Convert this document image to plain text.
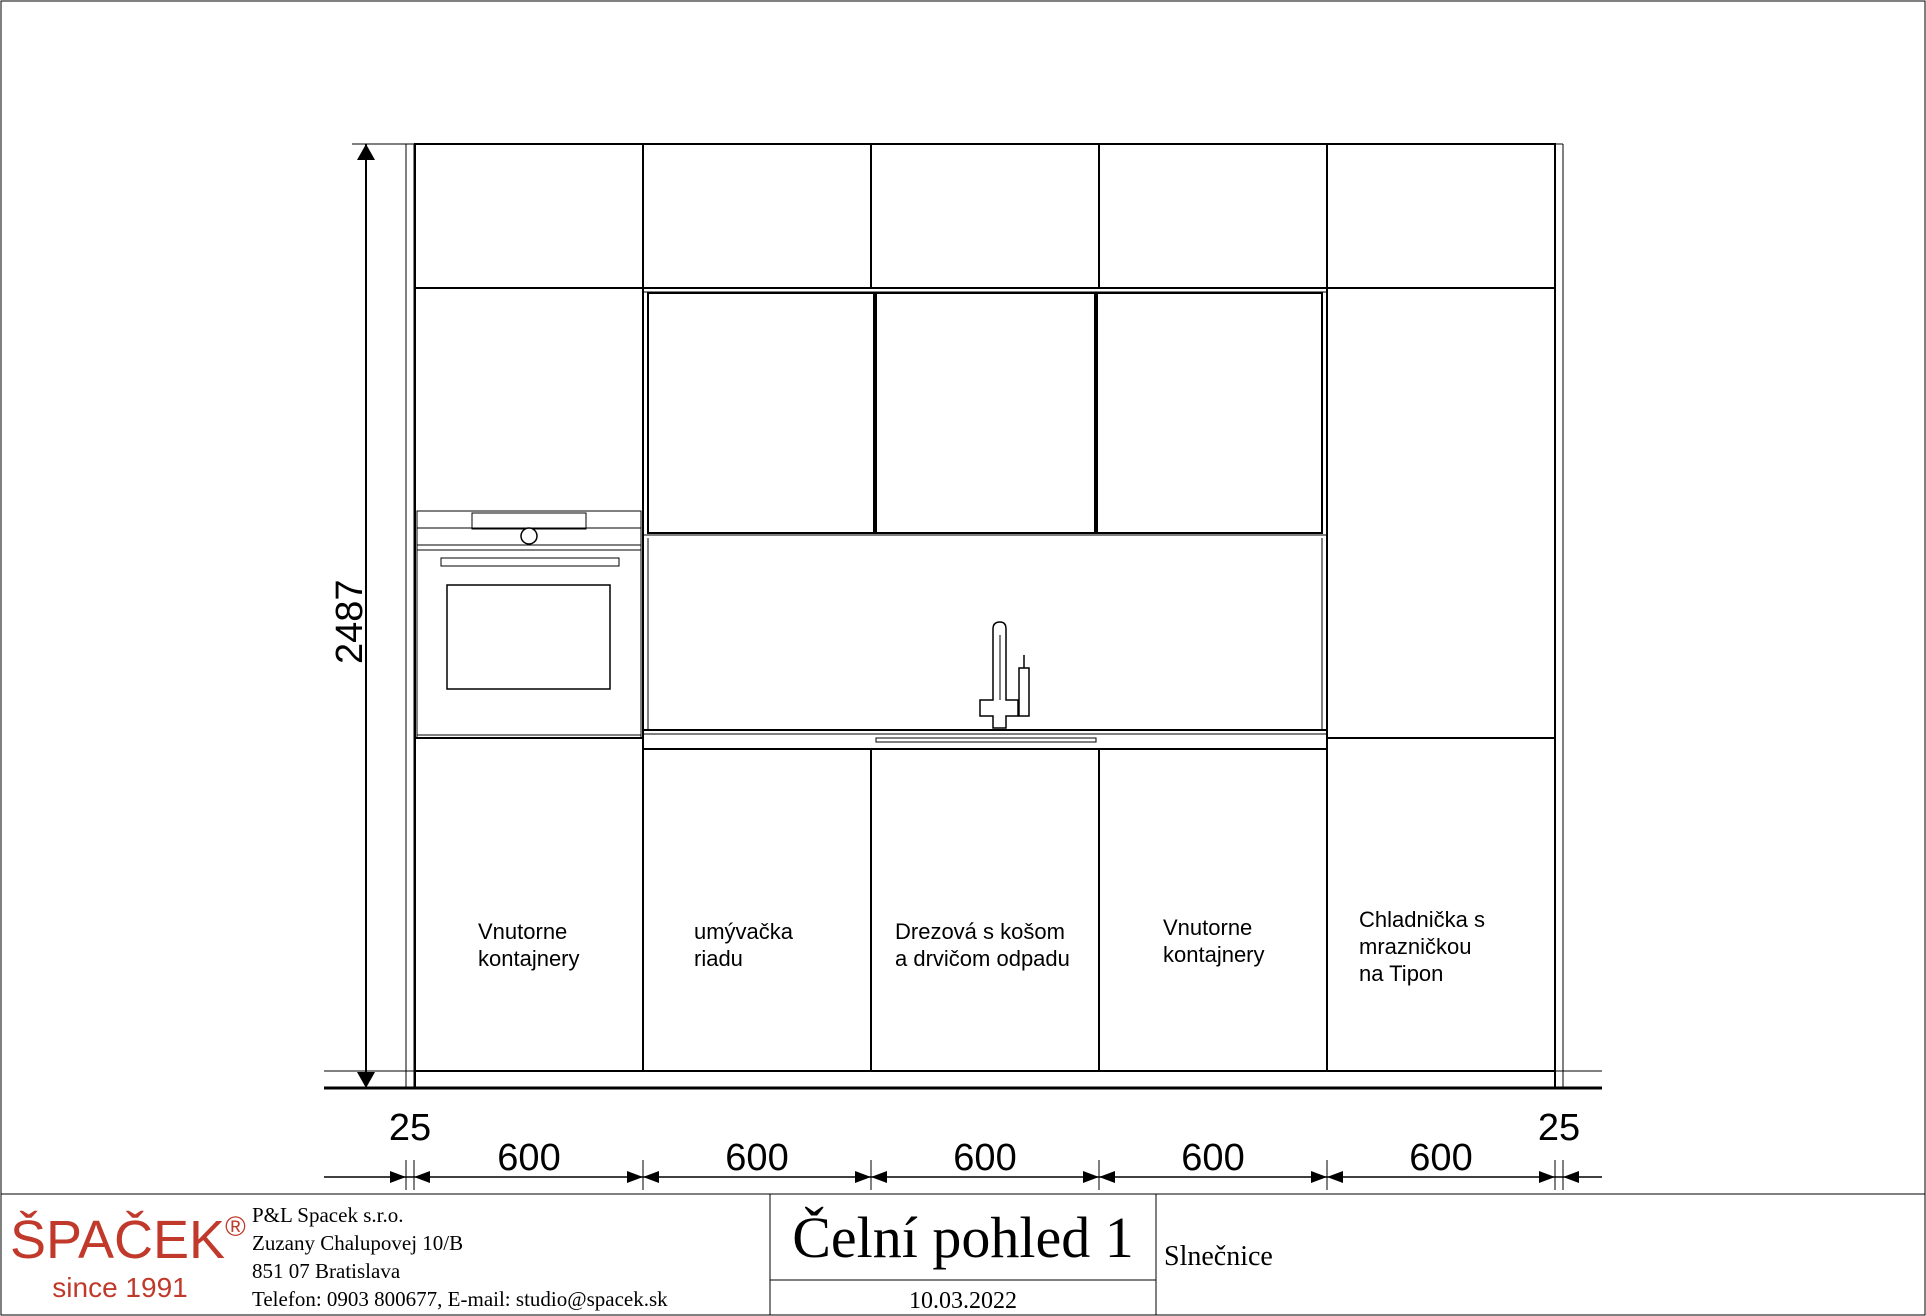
Vnutorne kontajnery
umývačka riadu
Drezová s košom a drvičom odpadu
Vnutorne kontajnery
Chladnička s mrazničkou na Tipon
2487
25
600	600	600	600	600
25
ŠPAČEK®
since 1991
P&L Spacek s.r.o.
Zuzany Chalupovej 10/B
851 07 Bratislava
Telefon: 0903 800677, E-mail: studio@spacek.sk
Čelní pohled 1
10.03.2022
Slnečnice
